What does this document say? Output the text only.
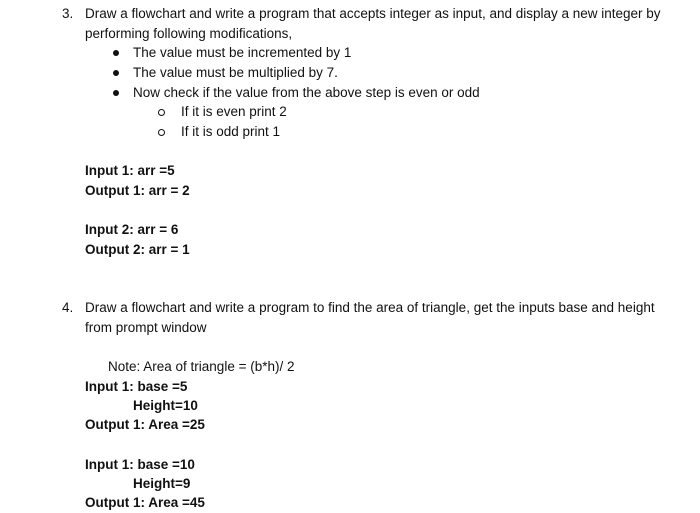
3. Draw a flowchart and write a program that accepts integer as input, and display a new integer by
performing following modifications,
The value must be incremented by 1
The value must be multiplied by 7.
Now check if the value from the above step is even or odd
If it is even print 2
If it is odd print 1
Input 1: arr =5
Output 1: arr = 2
Input 2: arr = 6
Output 2: arr = 1
4. Draw a flowchart and write a program to find the area of triangle, get the inputs base and height
from prompt window
Note: Area of triangle = (b*h)/ 2
Input 1: base =5
Height=10
Output 1: Area =25
Input 1: base =10
Height=9
Output 1: Area =45
